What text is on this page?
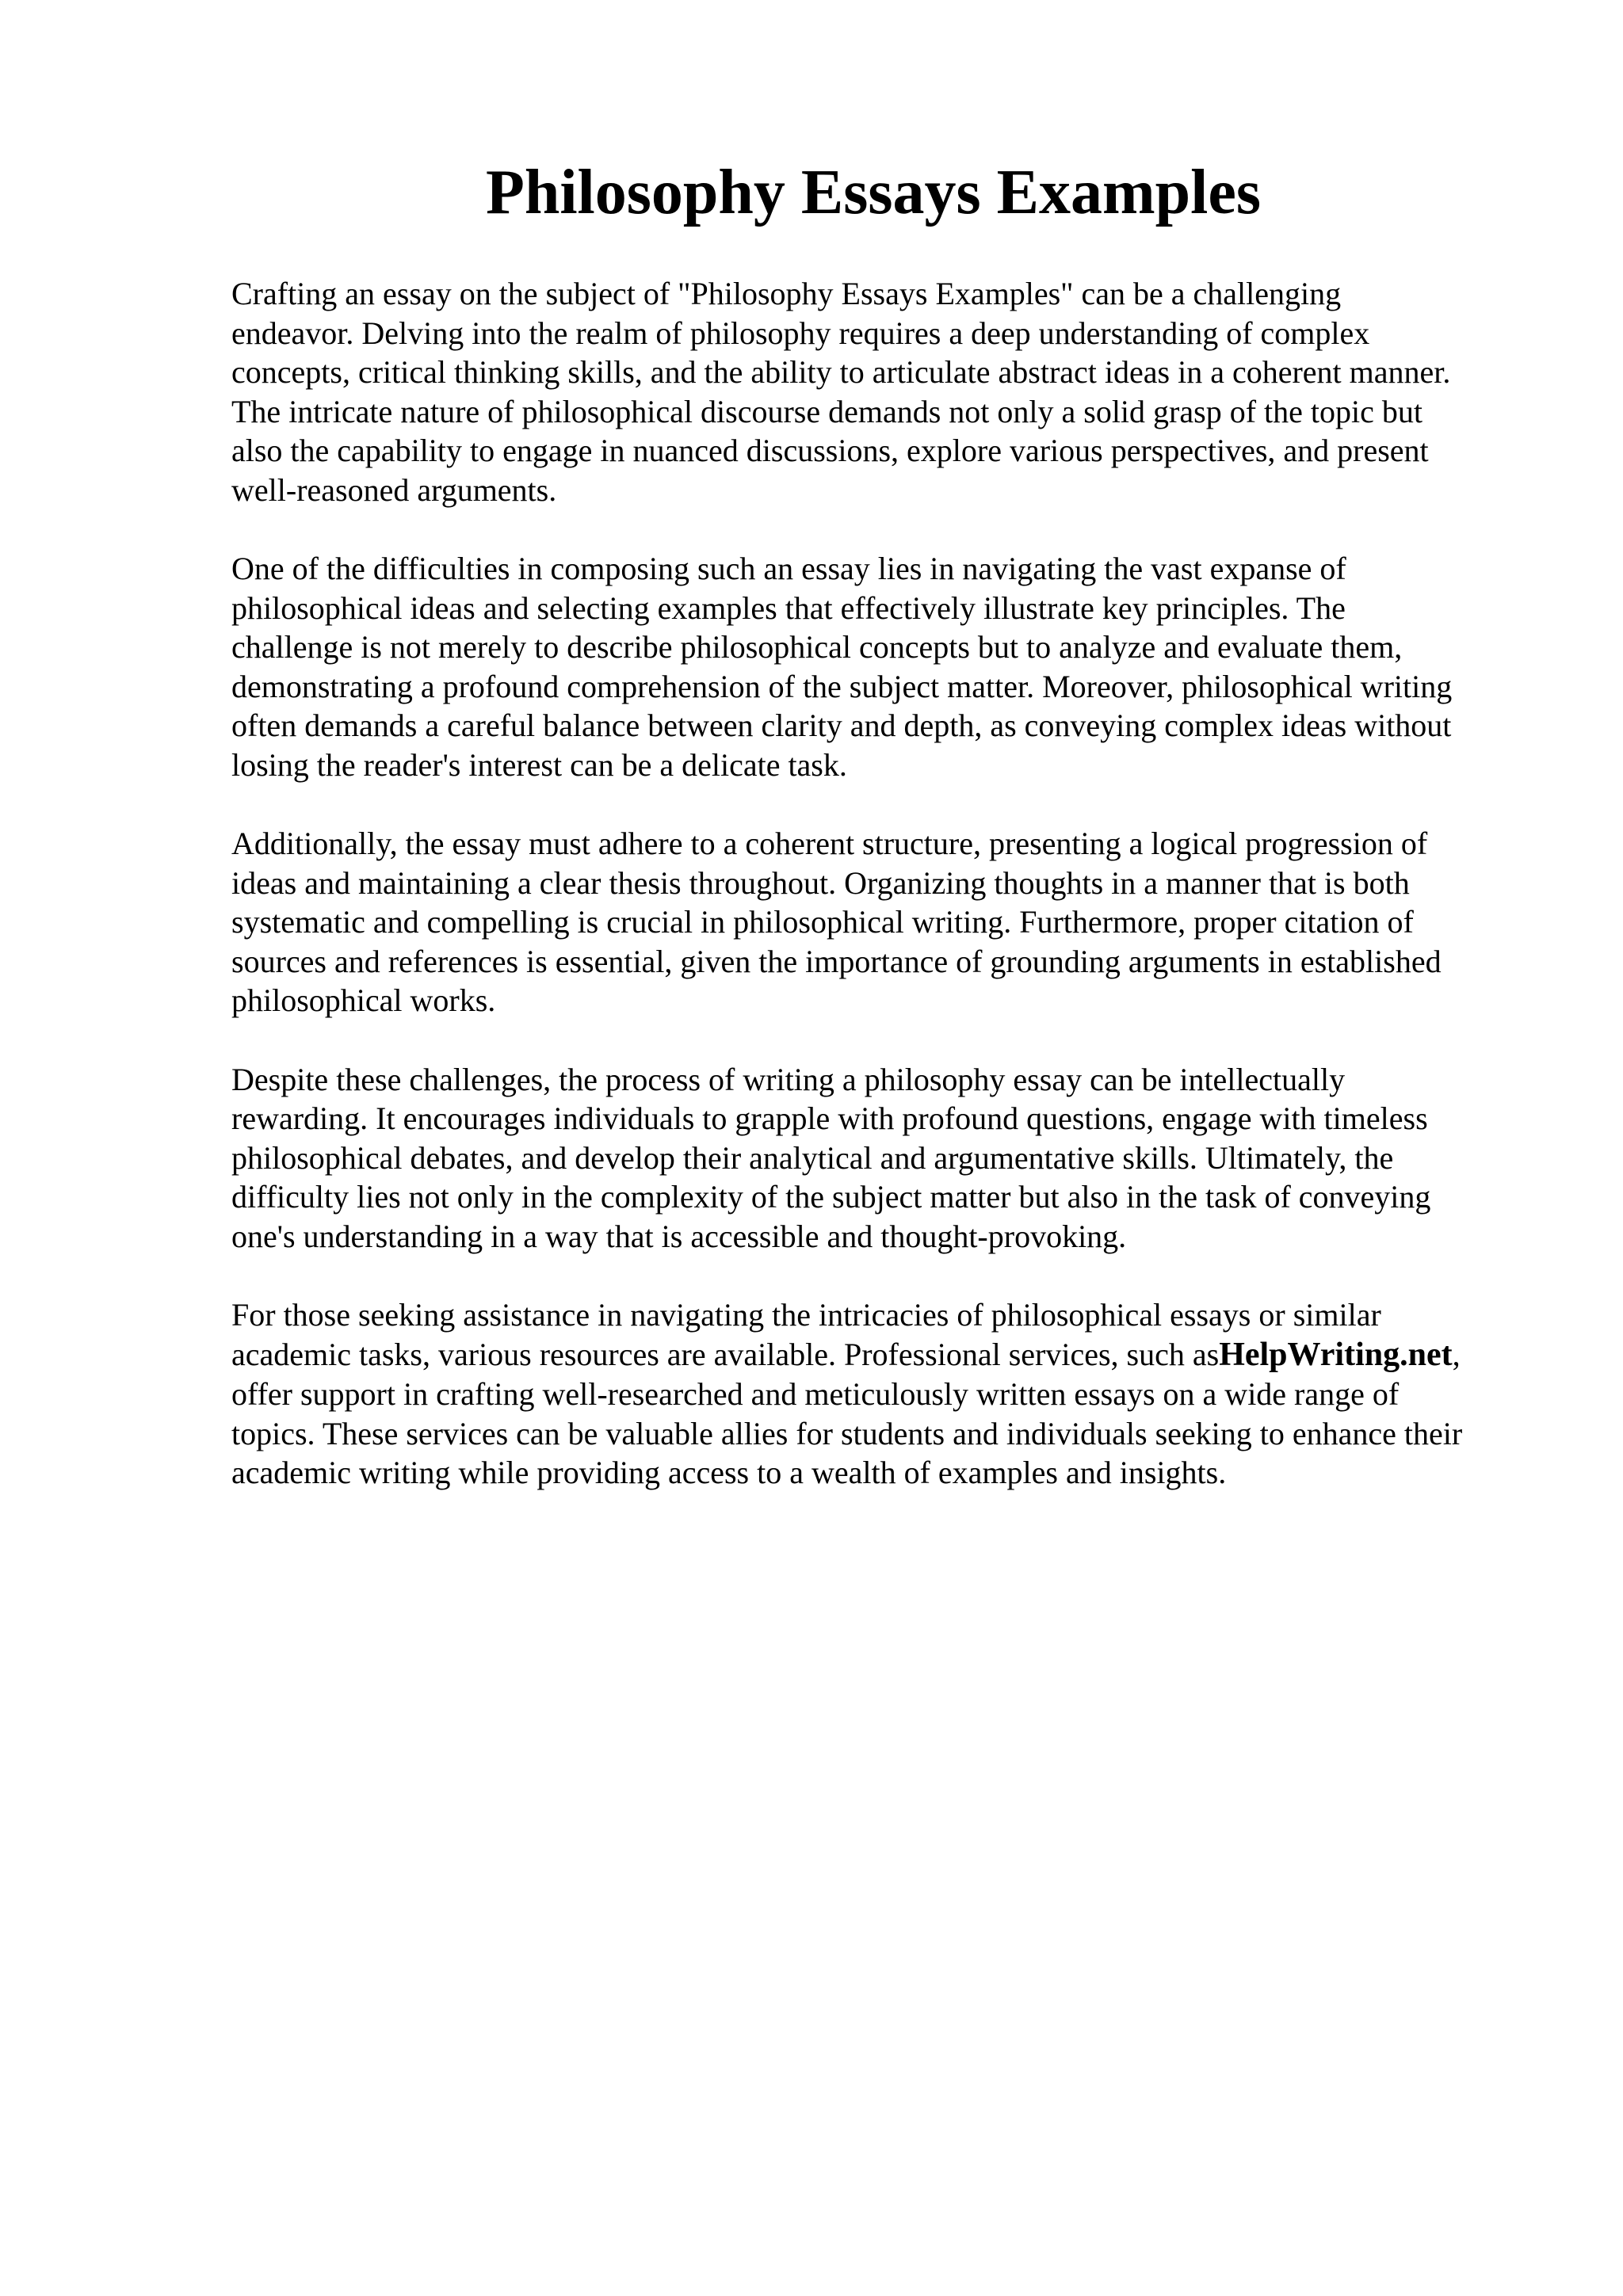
Philosophy Essays Examples

Crafting an essay on the subject of "Philosophy Essays Examples" can be a challenging
endeavor. Delving into the realm of philosophy requires a deep understanding of complex
concepts, critical thinking skills, and the ability to articulate abstract ideas in a coherent manner.
The intricate nature of philosophical discourse demands not only a solid grasp of the topic but
also the capability to engage in nuanced discussions, explore various perspectives, and present
well-reasoned arguments.

One of the difficulties in composing such an essay lies in navigating the vast expanse of
philosophical ideas and selecting examples that effectively illustrate key principles. The
challenge is not merely to describe philosophical concepts but to analyze and evaluate them,
demonstrating a profound comprehension of the subject matter. Moreover, philosophical writing
often demands a careful balance between clarity and depth, as conveying complex ideas without
losing the reader's interest can be a delicate task.

Additionally, the essay must adhere to a coherent structure, presenting a logical progression of
ideas and maintaining a clear thesis throughout. Organizing thoughts in a manner that is both
systematic and compelling is crucial in philosophical writing. Furthermore, proper citation of
sources and references is essential, given the importance of grounding arguments in established
philosophical works.

Despite these challenges, the process of writing a philosophy essay can be intellectually
rewarding. It encourages individuals to grapple with profound questions, engage with timeless
philosophical debates, and develop their analytical and argumentative skills. Ultimately, the
difficulty lies not only in the complexity of the subject matter but also in the task of conveying
one's understanding in a way that is accessible and thought-provoking.

For those seeking assistance in navigating the intricacies of philosophical essays or similar
academic tasks, various resources are available. Professional services, such asHelpWriting.net,
offer support in crafting well-researched and meticulously written essays on a wide range of
topics. These services can be valuable allies for students and individuals seeking to enhance their
academic writing while providing access to a wealth of examples and insights.
